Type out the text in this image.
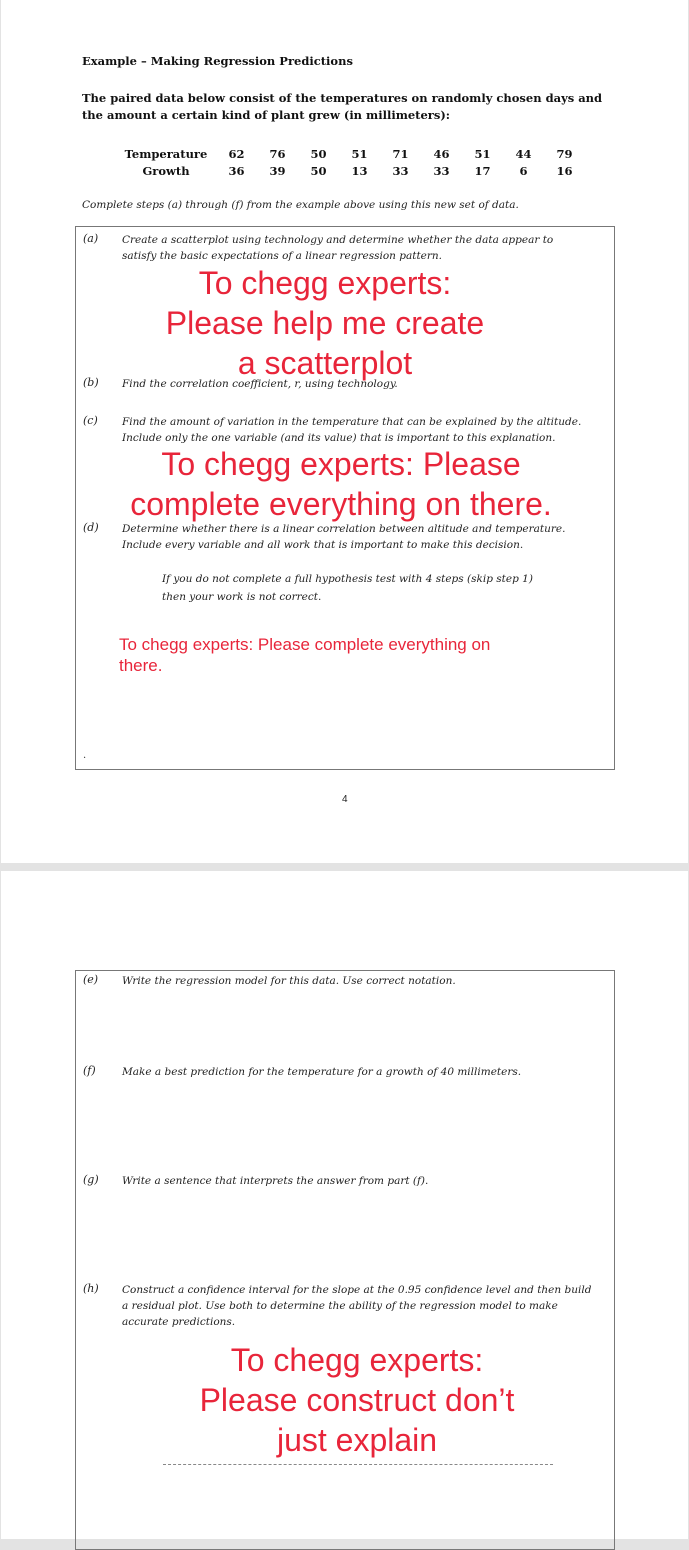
Example – Making Regression Predictions
The paired data below consist of the temperatures on randomly chosen days and the amount a certain kind of plant grew (in millimeters):
Temperature	62	76	50	51	71	46	51	44	79
Growth	36	39	50	13	33	33	17	6	16
Complete steps (a) through (f) from the example above using this new set of data.
(a) Create a scatterplot using technology and determine whether the data appear to
satisfy the basic expectations of a linear regression pattern.
(b) Find the correlation coefficient, r, using technology.
(c) Find the amount of variation in the temperature that can be explained by the altitude.
Include only the one variable (and its value) that is important to this explanation.
(d) Determine whether there is a linear correlation between altitude and temperature.
Include every variable and all work that is important to make this decision.
If you do not complete a full hypothesis test with 4 steps (skip step 1)
then your work is not correct.
To chegg experts:
Please help me create
a scatterplot
To chegg experts: Please
complete everything on there.
To chegg experts: Please complete everything on
there.
.
4
(e) Write the regression model for this data. Use correct notation.
(f)	Make a best prediction for the temperature for a growth of 40 millimeters.
(g) Write a sentence that interprets the answer from part (f).
(h) Construct a confidence interval for the slope at the 0.95 confidence level and then build
a residual plot. Use both to determine the ability of the regression model to make
accurate predictions.
To chegg experts:
Please construct don’t
just explain
